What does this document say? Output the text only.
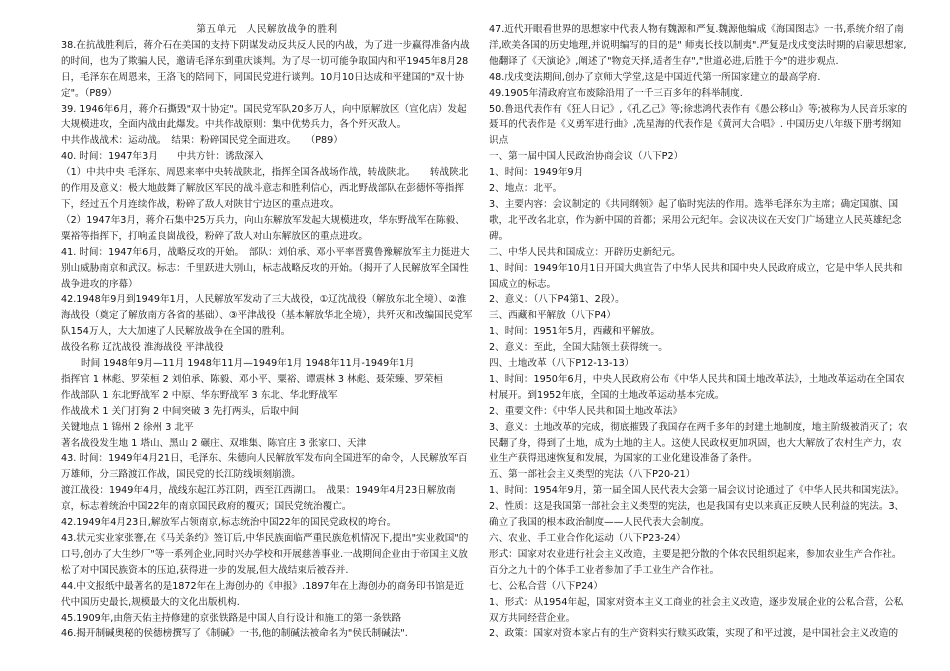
第五单元　人民解放战争的胜利

38.在抗战胜利后，蒋介石在美国的支持下阴谋发动反共反人民的内战，为了进一步赢得准备内战的时间，也为了欺骗人民，邀请毛泽东到重庆谈判。为了尽一切可能争取国内和平1945年8月28日，毛泽东在周恩来，王洛飞的陪同下，同国民党进行谈判。10月10日达成和平建国的"双十协定"。（P89）

39. 1946年6月，蒋介石撕毁"双十协定"。国民党军队20多万人，向中原解放区（宣化店）发起大规模进攻，全面内战由此爆发。中共作战原则：集中优势兵力，各个歼灭敌人。

中共作战战术：运动战。　结果：粉碎国民党全面进攻。　　（P89）

40. 时间：1947年3月　　中共方针：诱敌深入

（1）中共中央 毛泽东、周恩来率中央转战陕北，指挥全国各战场作战，转战陕北。　　转战陕北的作用及意义：极大地鼓舞了解放区军民的战斗意志和胜利信心，西北野战部队在彭德怀等指挥下，经过五个月连续作战，粉碎了敌人对陕甘宁边区的重点进攻。

（2）1947年3月，蒋介石集中25万兵力，向山东解放军发起大规模进攻，华东野战军在陈毅、粟裕等指挥下，打响孟良崮战役，粉碎了敌人对山东解放区的重点进攻。

41. 时间：1947年6月，战略反攻的开始。　部队：刘伯承、邓小平率晋冀鲁豫解放军主力挺进大别山威胁南京和武汉。标志：千里跃进大别山，标志战略反攻的开始。（揭开了人民解放军全国性战争进攻的序幕）

42.1948年9月到1949年1月，人民解放军发动了三大战役，①辽沈战役（解放东北全境）、②淮海战役（奠定了解放南方各省的基础）、③平津战役（基本解放华北全境），共歼灭和改编国民党军队154万人，大大加速了人民解放战争在全国的胜利。

战役名称 辽沈战役 淮海战役 平津战役

时间 1948年9月—11月 1948年11月—1949年1月 1948年11月-1949年1月

指挥官 1 林彪、罗荣桓 2 刘伯承、陈毅、邓小平、粟裕、谭震林 3 林彪、聂荣臻、罗荣桓

作战部队 1 东北野战军 2 中原、华东野战军 3 东北、华北野战军

作战战术 1 关门打狗 2 中间突破 3 先打两头，后取中间

关键地点 1 锦州 2 徐州 3 北平

著名战役发生地 1 塔山、黑山 2 碾庄、双堆集、陈官庄 3 张家口、天津

43. 时间：1949年4月21日，毛泽东、朱德向人民解放军发布向全国进军的命令，人民解放军百万雄师，分三路渡江作战，国民党的长江防线顷刻崩溃。

渡江战役：1949年4月，战线东起江苏江阴，西至江西湖口。　战果：1949年4月23日解放南京，标志着统治中国22年的南京国民政府的覆灭；国民党统治覆亡。

42.1949年4月23日,解放军占领南京,标志统治中国22年的国民党政权的垮台。

43.状元实业家张謇,在《马关条约》签订后,中华民族面临严重民族危机情况下,提出"实业救国"的口号,创办了大生纱厂"等一系列企业,同时兴办学校和开展慈善事业.一战期间企业由于帝国主义放松了对中国民族资本的压迫,获得进一步的发展,但大战结束后被吞并.

44.中文报纸中最著名的是1872年在上海创办的《申报》.1897年在上海创办的商务印书馆是近代中国历史最长,规模最大的文化出版机构.

45.1909年,由詹天佑主持修建的京张铁路是中国人自行设计和施工的第一条铁路

46.揭开制碱奥秘的侯德榜撰写了《制碱》一书,他的制碱法被命名为"侯氏制碱法".

47.近代开眼看世界的思想家中代表人物有魏源和严复.魏源他编成《海国图志》一书,系统介绍了南洋,欧美各国的历史地理,并说明编写的目的是" 师夷长技以制夷".严复是戊戌变法时期的启蒙思想家,他翻译了《天演论》,阐述了"物竞天择,适者生存","世道必进,后胜于今"的进步观点.

48.戊戌变法期间,创办了京师大学堂,这是中国近代第一所国家建立的最高学府.

49.1905年清政府宣布废除沿用了一千三百多年的科举制度.

50.鲁迅代表作有《狂人日记》,《孔乙己》等;徐悲鸿代表作有《愚公移山》等;被称为人民音乐家的聂耳的代表作是《义勇军进行曲》,冼星海的代表作是《黄河大合唱》. 中国历史八年级下册考纲知识点

一、第一届中国人民政治协商会议（八下P2）

1、时间：1949年9月

2、地点：北平。

3、主要内容：会议制定的《共同纲领》起了临时宪法的作用。选举毛泽东为主席；确定国旗、国歌，北平改名北京，作为新中国的首都；采用公元纪年。会议决议在天安门广场建立人民英雄纪念碑。

二、中华人民共和国成立：开辟历史新纪元。

1、时间：1949年10月1日开国大典宣告了中华人民共和国中央人民政府成立，它是中华人民共和国成立的标志。

2、意义：（八下P4第1、2段）。

三、西藏和平解放（八下P4）

1、时间：1951年5月，西藏和平解放。

2、意义：至此，全国大陆领土获得统一。

四、土地改革（八下P12-13-13）

1、时间：1950年6月，中央人民政府公布《中华人民共和国土地改革法》，土地改革运动在全国农村展开。到1952年底，全国的土地改革运动基本完成。

2、重要文件：《中华人民共和国土地改革法》

3、意义：土地改革的完成，彻底摧毁了我国存在两千多年的封建土地制度，地主阶级被消灭了；农民翻了身，得到了土地，成为土地的主人。这使人民政权更加巩固，也大大解放了农村生产力，农业生产获得迅速恢复和发展，为国家的工业化建设准备了条件。

五、第一部社会主义类型的宪法（八下P20-21）

1、时间：1954年9月，第一届全国人民代表大会第一届会议讨论通过了《中华人民共和国宪法》。

2、性质：这是我国第一部社会主义类型的宪法，也是我国有史以来真正反映人民利益的宪法。3、确立了我国的根本政治制度——人民代表大会制度。

六、农业、手工业合作化运动（八下P23-24）

形式：国家对农业进行社会主义改造，主要是把分散的个体农民组织起来，参加农业生产合作社。百分之九十的个体手工业者参加了手工业生产合作社。

七、公私合营（八下P24）

1、形式：从1954年起，国家对资本主义工商业的社会主义改造，逐步发展企业的公私合营，公私双方共同经营企业。

2、政策：国家对资本家占有的生产资料实行赎买政策，实现了和平过渡，是中国社会主义改造的
